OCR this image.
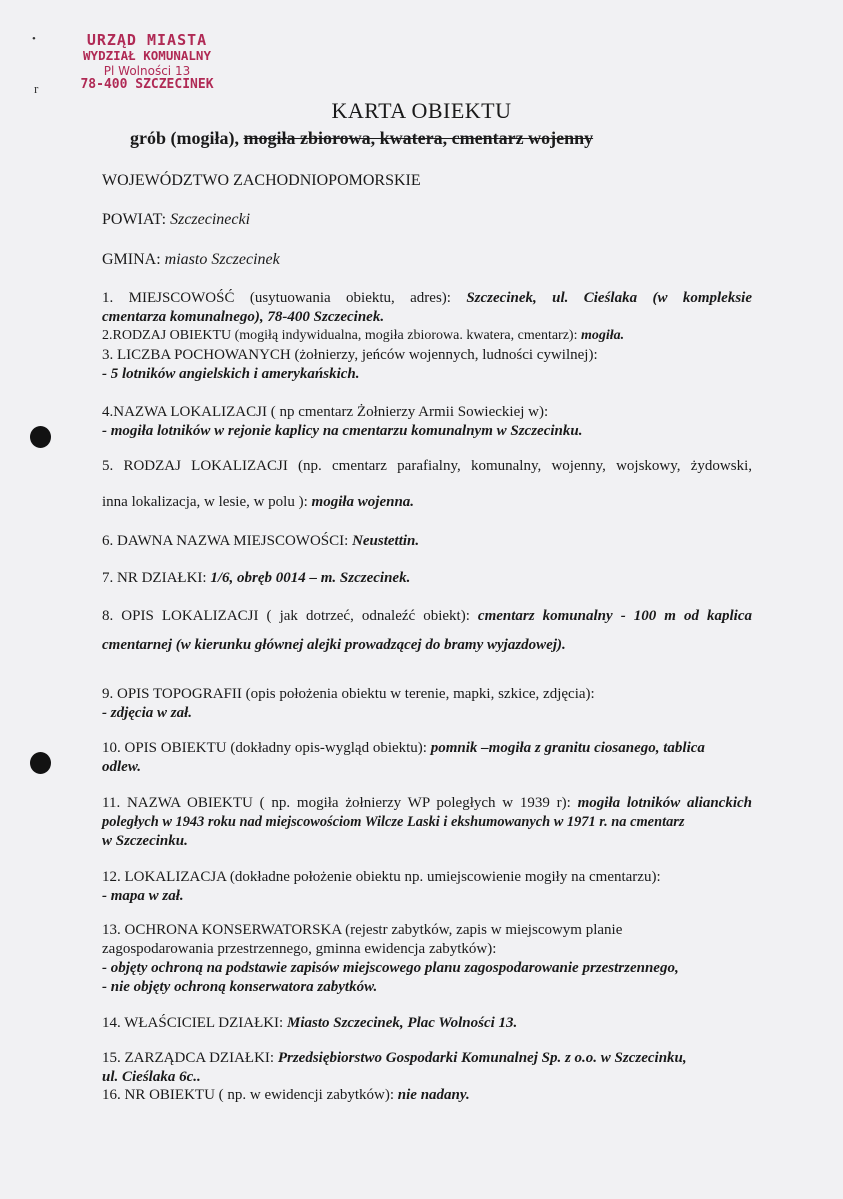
URZĄD MIASTA
WYDZIAŁ KOMUNALNY
Pl Wolności 13
78-400 SZCZECINEK
•
r
KARTA OBIEKTU
grób (mogiła), mogiła zbiorowa, kwatera, cmentarz wojenny
WOJEWÓDZTWO ZACHODNIOPOMORSKIE
POWIAT: Szczecinecki
GMINA: miasto Szczecinek
1. MIEJSCOWOŚĆ (usytuowania obiektu, adres): Szczecinek, ul. Cieślaka (w kompleksie
cmentarza komunalnego), 78-400 Szczecinek.
2.RODZAJ OBIEKTU (mogiłą indywidualna, mogiła zbiorowa. kwatera, cmentarz): mogiła.
3. LICZBA POCHOWANYCH (żołnierzy, jeńców wojennych, ludności cywilnej):
- 5 lotników angielskich i amerykańskich.
4.NAZWA LOKALIZACJI ( np cmentarz Żołnierzy Armii Sowieckiej w):
- mogiła lotników w rejonie kaplicy na cmentarzu komunalnym w Szczecinku.
5. RODZAJ LOKALIZACJI (np. cmentarz parafialny, komunalny, wojenny, wojskowy, żydowski,
inna lokalizacja, w lesie, w polu ): mogiła wojenna.
6. DAWNA NAZWA MIEJSCOWOŚCI: Neustettin.
7. NR DZIAŁKI: 1/6, obręb 0014 – m. Szczecinek.
8. OPIS LOKALIZACJI ( jak dotrzeć, odnaleźć obiekt): cmentarz komunalny - 100 m od kaplica
cmentarnej (w kierunku głównej alejki prowadzącej do bramy wyjazdowej).
9. OPIS TOPOGRAFII (opis położenia obiektu w terenie, mapki, szkice, zdjęcia):
- zdjęcia w zał.
10. OPIS OBIEKTU (dokładny opis-wygląd obiektu): pomnik –mogiła z granitu ciosanego, tablica
odlew.
11. NAZWA OBIEKTU ( np. mogiła żołnierzy WP poległych w 1939 r): mogiła lotników alianckich
poległych w 1943 roku nad miejscowościom Wilcze Laski i ekshumowanych w 1971 r. na cmentarz
w Szczecinku.
12. LOKALIZACJA (dokładne położenie obiektu np. umiejscowienie mogiły na cmentarzu):
- mapa w zał.
13. OCHRONA KONSERWATORSKA (rejestr zabytków, zapis w miejscowym planie
zagospodarowania przestrzennego, gminna ewidencja zabytków):
- objęty ochroną na podstawie zapisów miejscowego planu zagospodarowanie przestrzennego,
- nie objęty ochroną konserwatora zabytków.
14. WŁAŚCICIEL DZIAŁKI: Miasto Szczecinek, Plac Wolności 13.
15. ZARZĄDCA DZIAŁKI: Przedsiębiorstwo Gospodarki Komunalnej Sp. z o.o. w Szczecinku,
ul. Cieślaka 6c..
16. NR OBIEKTU ( np. w ewidencji zabytków): nie nadany.
